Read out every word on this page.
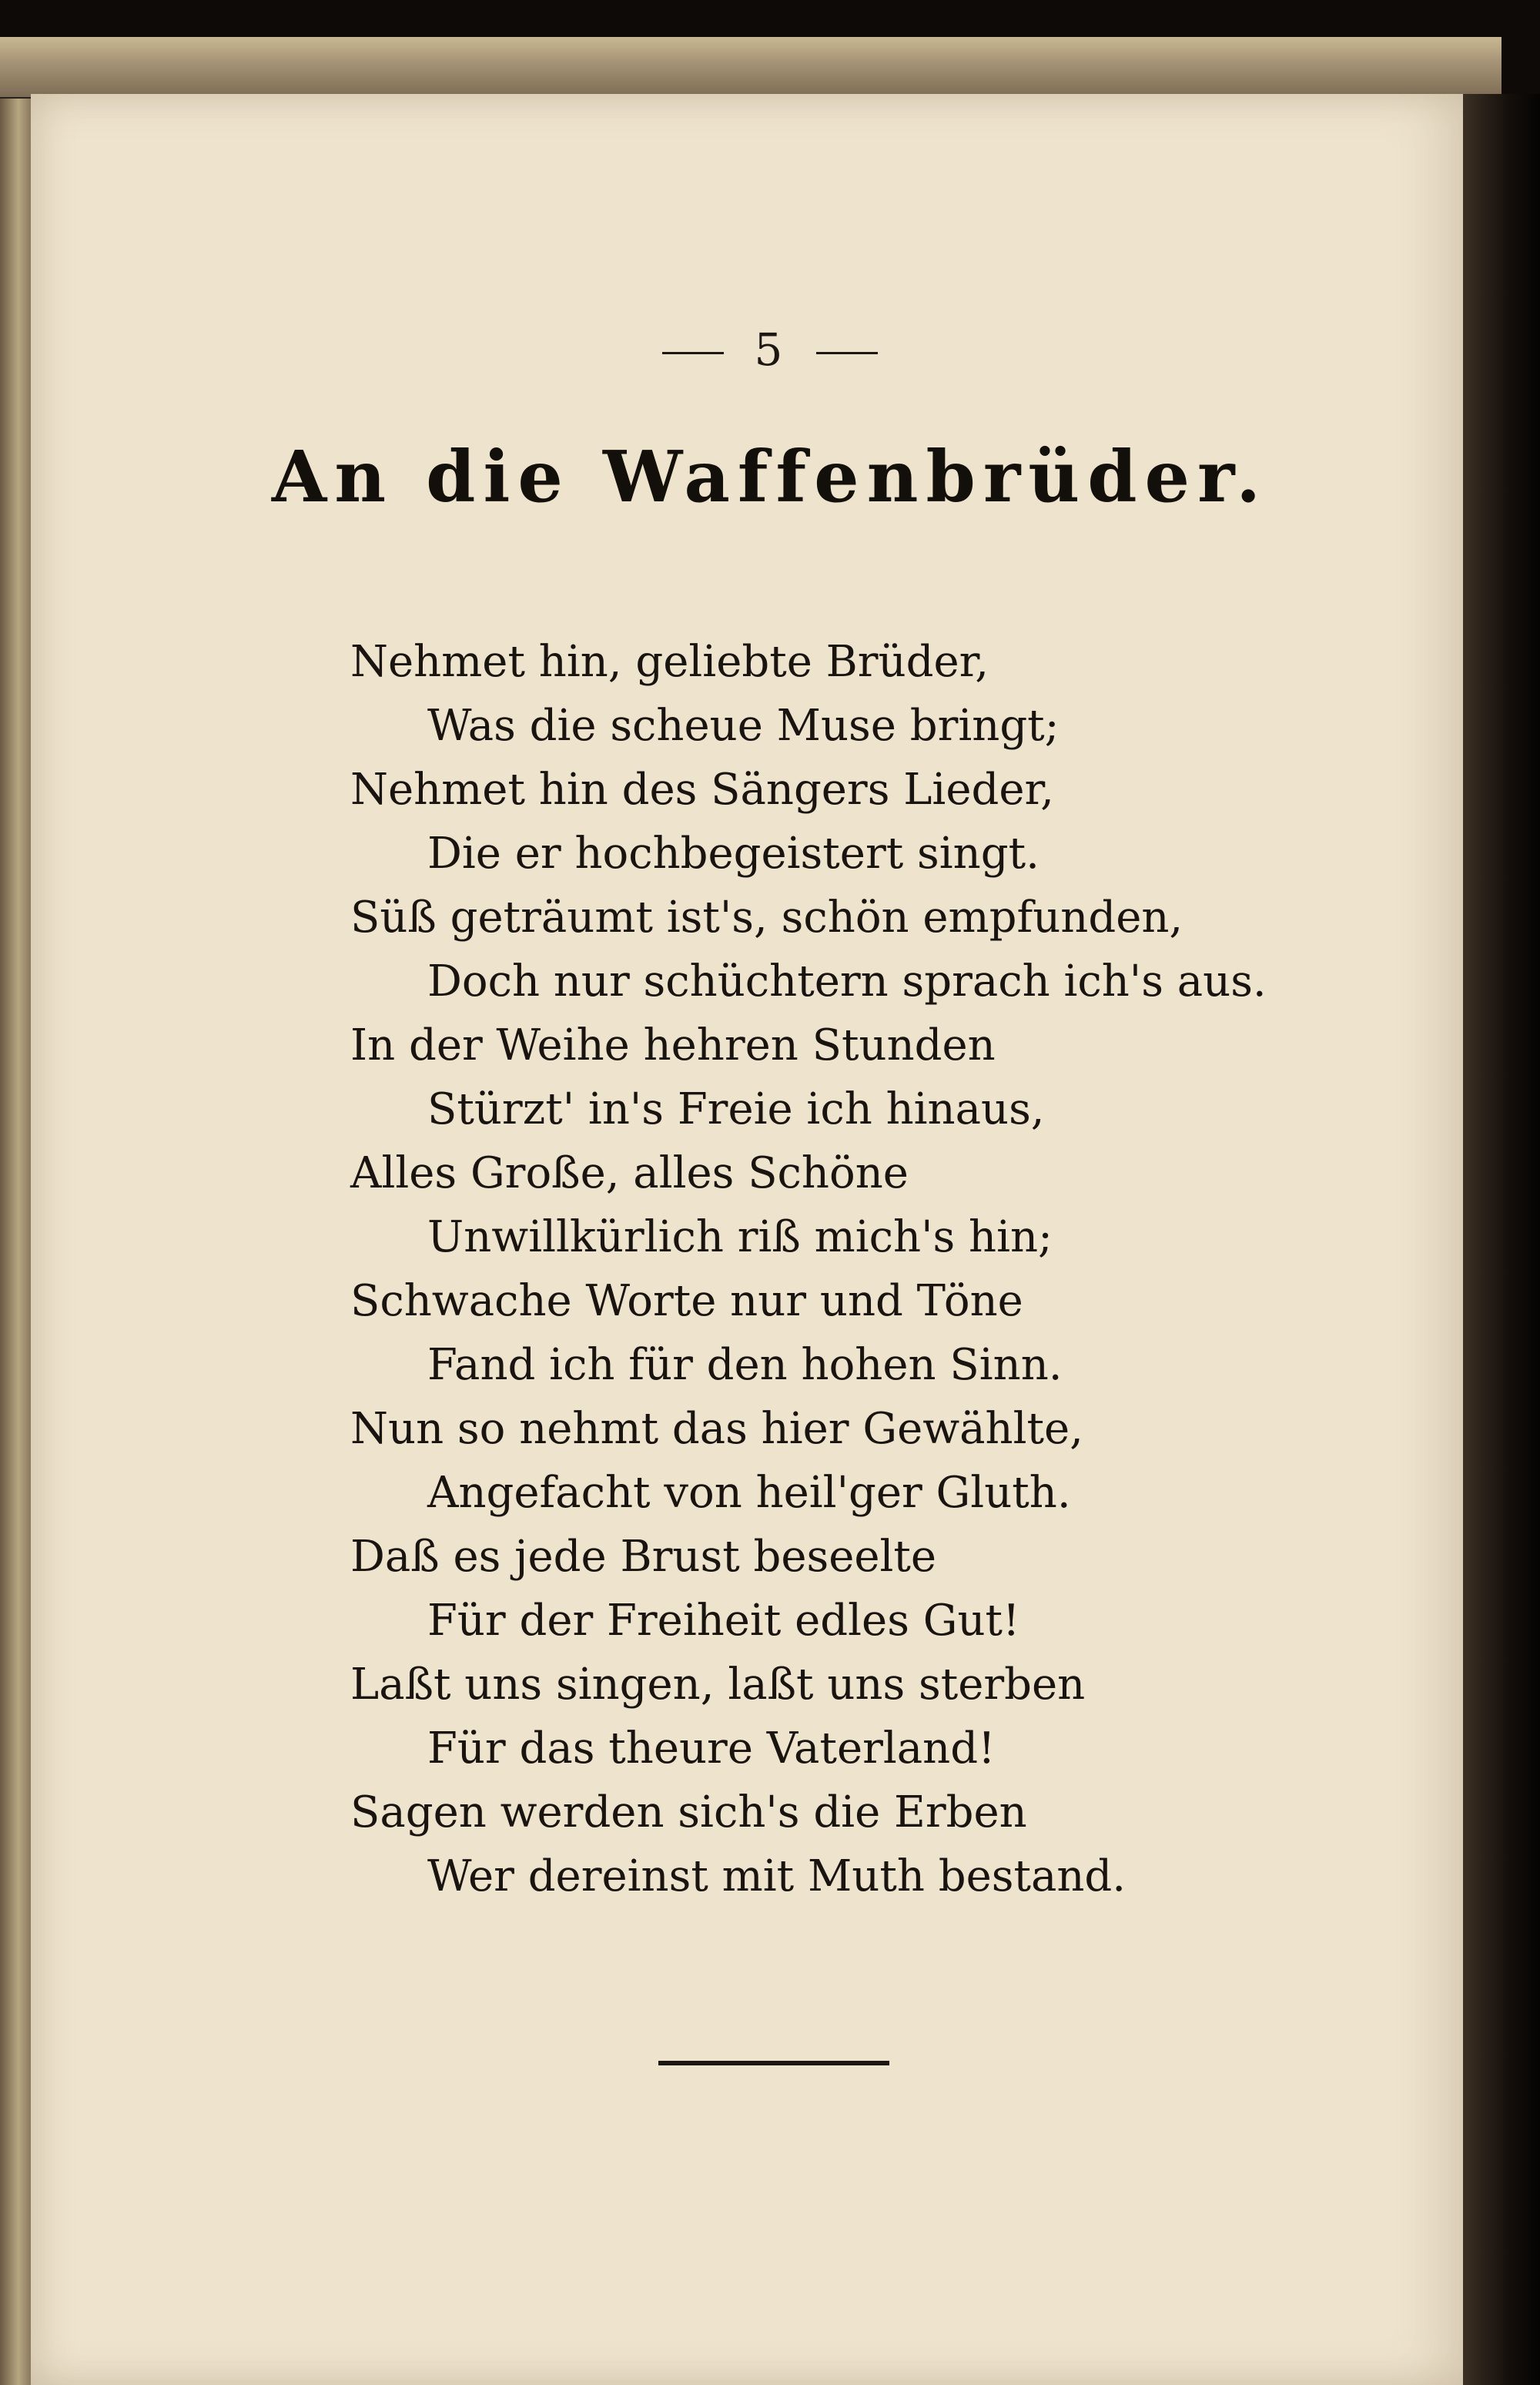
5
An die Waffenbrüder.
Nehmet hin, geliebte Brüder,
Was die scheue Muse bringt;
Nehmet hin des Sängers Lieder,
Die er hochbegeistert singt.
Süß geträumt ist's, schön empfunden,
Doch nur schüchtern sprach ich's aus.
In der Weihe hehren Stunden
Stürzt' in's Freie ich hinaus,
Alles Große, alles Schöne
Unwillkürlich riß mich's hin;
Schwache Worte nur und Töne
Fand ich für den hohen Sinn.
Nun so nehmt das hier Gewählte,
Angefacht von heil'ger Gluth.
Daß es jede Brust beseelte
Für der Freiheit edles Gut!
Laßt uns singen, laßt uns sterben
Für das theure Vaterland!
Sagen werden sich's die Erben
Wer dereinst mit Muth bestand.
